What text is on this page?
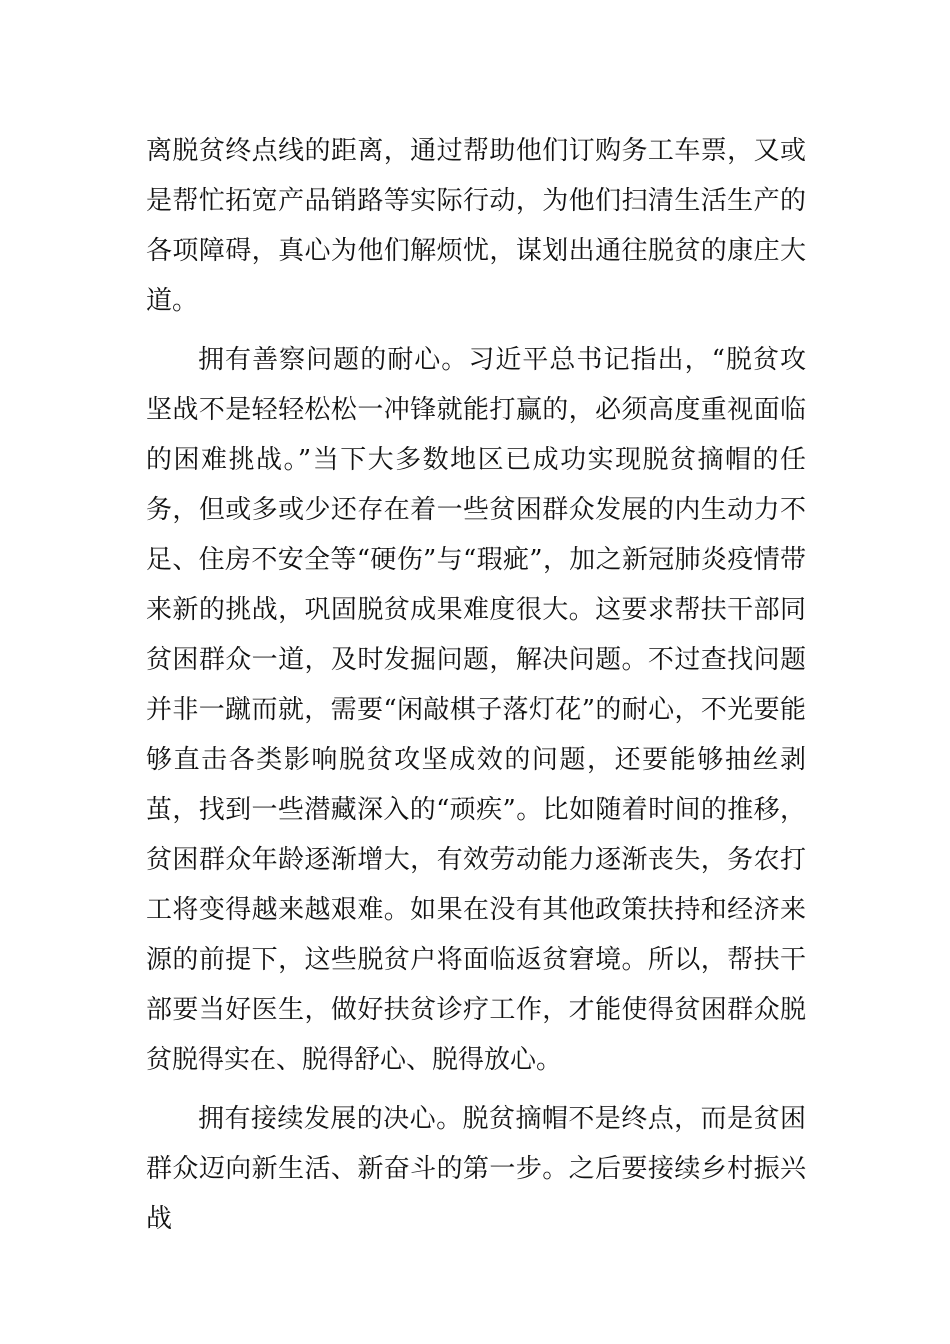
离脱贫终点线的距离，通过帮助他们订购务工车票，又或是帮忙拓宽产品销路等实际行动，为他们扫清生活生产的各项障碍，真心为他们解烦忧，谋划出通往脱贫的康庄大道。

拥有善察问题的耐心。习近平总书记指出，“脱贫攻坚战不是轻轻松松一冲锋就能打赢的，必须高度重视面临的困难挑战。”当下大多数地区已成功实现脱贫摘帽的任务，但或多或少还存在着一些贫困群众发展的内生动力不足、住房不安全等“硬伤”与“瑕疵”，加之新冠肺炎疫情带来新的挑战，巩固脱贫成果难度很大。这要求帮扶干部同贫困群众一道，及时发掘问题，解决问题。不过查找问题并非一蹴而就，需要“闲敲棋子落灯花”的耐心，不光要能够直击各类影响脱贫攻坚成效的问题，还要能够抽丝剥茧，找到一些潜藏深入的“顽疾”。比如随着时间的推移，贫困群众年龄逐渐增大，有效劳动能力逐渐丧失，务农打工将变得越来越艰难。如果在没有其他政策扶持和经济来源的前提下，这些脱贫户将面临返贫窘境。所以，帮扶干部要当好医生，做好扶贫诊疗工作，才能使得贫困群众脱贫脱得实在、脱得舒心、脱得放心。

拥有接续发展的决心。脱贫摘帽不是终点，而是贫困群众迈向新生活、新奋斗的第一步。之后要接续乡村振兴战
